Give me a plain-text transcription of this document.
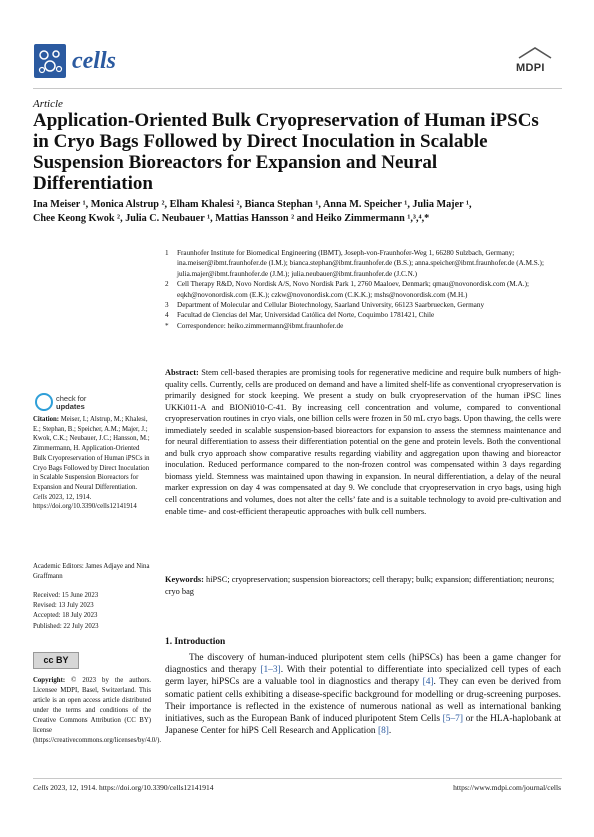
cells	MDPI
Article
Application-Oriented Bulk Cryopreservation of Human iPSCs in Cryo Bags Followed by Direct Inoculation in Scalable Suspension Bioreactors for Expansion and Neural Differentiation
Ina Meiser ¹, Monica Alstrup ², Elham Khalesi ², Bianca Stephan ¹, Anna M. Speicher ¹, Julia Majer ¹,
Chee Keong Kwok ², Julia C. Neubauer ¹, Mattias Hansson ² and Heiko Zimmermann ¹,³,⁴,*
1	Fraunhofer Institute for Biomedical Engineering (IBMT), Joseph-von-Fraunhofer-Weg 1, 66280 Sulzbach, Germany; ina.meiser@ibmt.fraunhofer.de (I.M.); bianca.stephan@ibmt.fraunhofer.de (B.S.); anna.speicher@ibmt.fraunhofer.de (A.M.S.); julia.majer@ibmt.fraunhofer.de (J.M.); julia.neubauer@ibmt.fraunhofer.de (J.C.N.)
2	Cell Therapy R&D, Novo Nordisk A/S, Novo Nordisk Park 1, 2760 Maaloev, Denmark; qmau@novonordisk.com (M.A.); eqkh@novonordisk.com (E.K.); czkw@novonordisk.com (C.K.K.); mshs@novonordisk.com (M.H.)
3	Department of Molecular and Cellular Biotechnology, Saarland University, 66123 Saarbruecken, Germany
4	Facultad de Ciencias del Mar, Universidad Católica del Norte, Coquimbo 1781421, Chile
*	Correspondence: heiko.zimmermann@ibmt.fraunhofer.de
check for
updates
Citation: Meiser, I.; Alstrup, M.; Khalesi, E.; Stephan, B.; Speicher, A.M.; Majer, J.; Kwok, C.K.; Neubauer, J.C.; Hansson, M.; Zimmermann, H. Application-Oriented Bulk Cryopreservation of Human iPSCs in Cryo Bags Followed by Direct Inoculation in Scalable Suspension Bioreactors for Expansion and Neural Differentiation. Cells 2023, 12, 1914. https://doi.org/10.3390/cells12141914
Academic Editors: James Adjaye and Nina Graffmann
Received: 15 June 2023
Revised: 13 July 2023
Accepted: 18 July 2023
Published: 22 July 2023
cc BY
Copyright: © 2023 by the authors. Licensee MDPI, Basel, Switzerland. This article is an open access article distributed under the terms and conditions of the Creative Commons Attribution (CC BY) license (https://creativecommons.org/licenses/by/4.0/).
Abstract: Stem cell-based therapies are promising tools for regenerative medicine and require bulk numbers of high-quality cells. Currently, cells are produced on demand and have a limited shelf-life as conventional cryopreservation is primarily designed for stock keeping. We present a study on bulk cryopreservation of the human iPSC lines UKKi011-A and BIONi010-C-41. By increasing cell concentration and volume, compared to conventional cryopreservation routines in cryo vials, one billion cells were frozen in 50 mL cryo bags. Upon thawing, the cells were immediately seeded in scalable suspension-based bioreactors for expansion to assess the stemness maintenance and for neural differentiation to assess their differentiation potential on the gene and protein levels. Both the conventional and bulk cryo approach show comparative results regarding viability and aggregation upon thawing and bioreactor inoculation. Reduced performance compared to the non-frozen control was compensated within 3 days regarding biomass yield. Stemness was maintained upon thawing in expansion. In neural differentiation, a delay of the neural marker expression on day 4 was compensated at day 9. We conclude that cryopreservation in cryo bags, using high cell concentrations and volumes, does not alter the cells’ fate and is a suitable technology to avoid pre-cultivation and enable time- and cost-efficient therapeutic approaches with bulk cell numbers.
Keywords: hiPSC; cryopreservation; suspension bioreactors; cell therapy; bulk; expansion; differentiation; neurons; cryo bag
1. Introduction
The discovery of human-induced pluripotent stem cells (hiPSCs) has been a game changer for diagnostics and therapy [1–3]. With their potential to differentiate into specialized cell types of each germ layer, hiPSCs are a valuable tool in diagnostics and therapy [4]. They can even be derived from somatic patient cells exhibiting a disease-specific background for modelling or drug-screening purposes. Their importance is reflected in the existence of numerous national as well as international banking initiatives, such as the European Bank of induced pluripotent Stem Cells [5–7] or the HLA-haplobank at Japanese Center for hiPS Cell Research and Application [8].
Cells 2023, 12, 1914. https://doi.org/10.3390/cells12141914	https://www.mdpi.com/journal/cells
